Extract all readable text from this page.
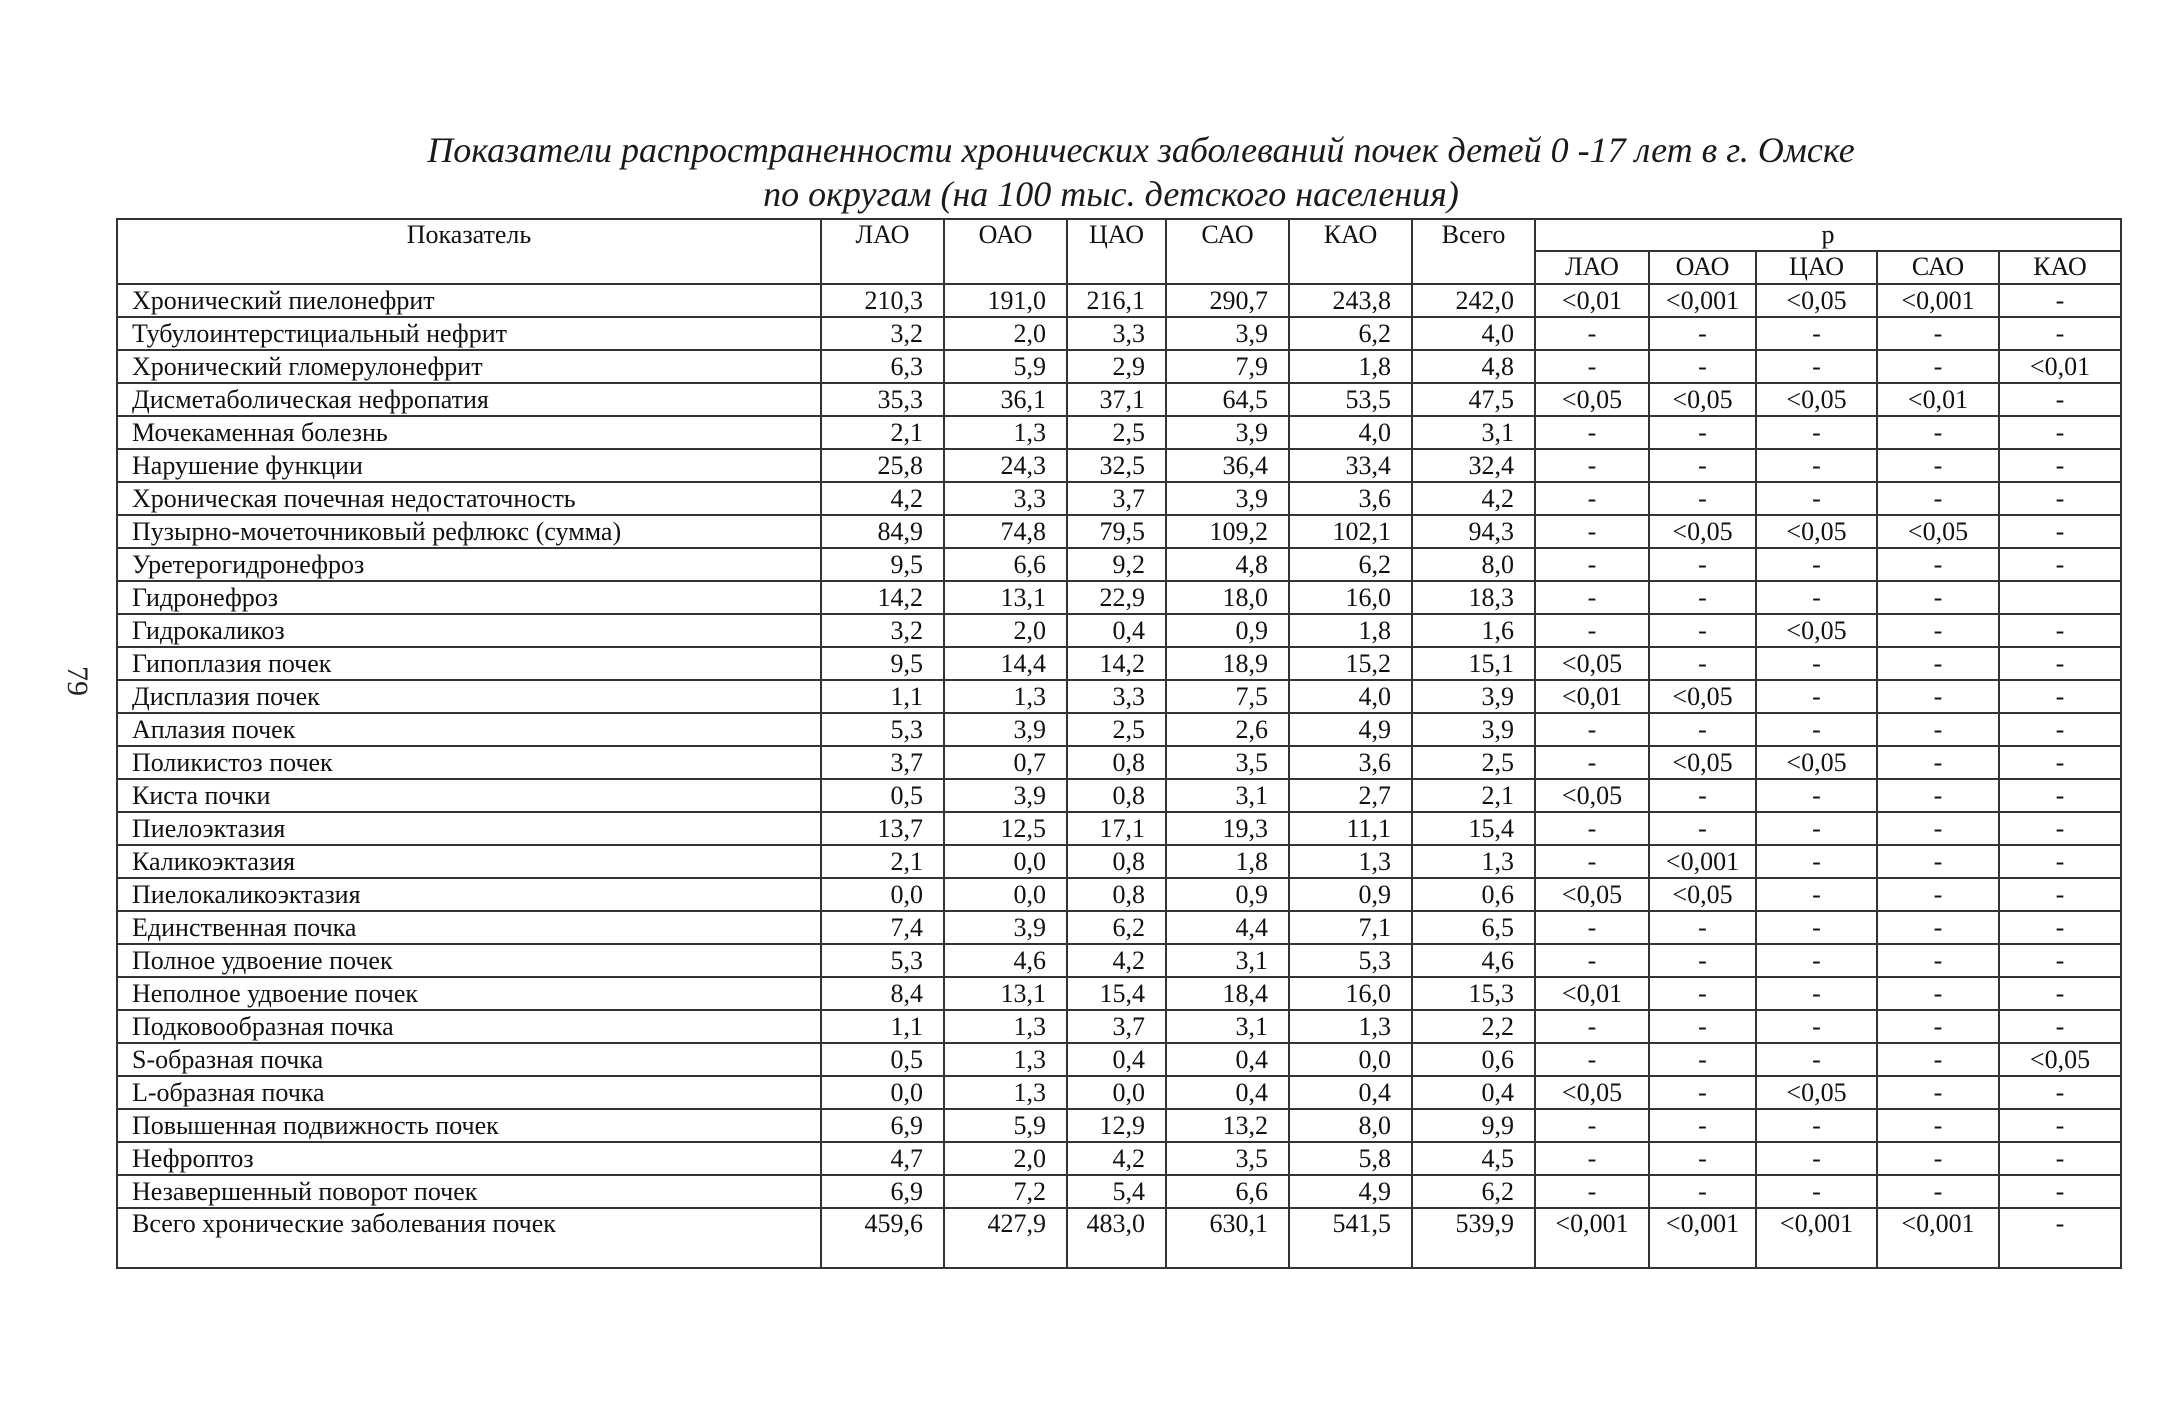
Показатели распространенности хронических заболеваний почек детей 0 -17 лет в г. Омске
по округам (на 100 тыс. детского населения)
79
Показатель	ЛАО	ОАО	ЦАО	САО	КАО	Всего	p				
							ЛАО	ОАО	ЦАО	САО	КАО
Хронический пиелонефрит	210,3	191,0	216,1	290,7	243,8	242,0	<0,01	<0,001	<0,05	<0,001	-
Тубулоинтерстициальный нефрит	3,2	2,0	3,3	3,9	6,2	4,0	-	-	-	-	-
Хронический гломерулонефрит	6,3	5,9	2,9	7,9	1,8	4,8	-	-	-	-	<0,01
Дисметаболическая нефропатия	35,3	36,1	37,1	64,5	53,5	47,5	<0,05	<0,05	<0,05	<0,01	-
Мочекаменная болезнь	2,1	1,3	2,5	3,9	4,0	3,1	-	-	-	-	-
Нарушение функции	25,8	24,3	32,5	36,4	33,4	32,4	-	-	-	-	-
Хроническая почечная недостаточность	4,2	3,3	3,7	3,9	3,6	4,2	-	-	-	-	-
Пузырно-мочеточниковый рефлюкс (сумма)	84,9	74,8	79,5	109,2	102,1	94,3	-	<0,05	<0,05	<0,05	-
Уретерогидронефроз	9,5	6,6	9,2	4,8	6,2	8,0	-	-	-	-	-
Гидронефроз	14,2	13,1	22,9	18,0	16,0	18,3	-	-	-	-	
Гидрокаликоз	3,2	2,0	0,4	0,9	1,8	1,6	-	-	<0,05	-	-
Гипоплазия почек	9,5	14,4	14,2	18,9	15,2	15,1	<0,05	-	-	-	-
Дисплазия почек	1,1	1,3	3,3	7,5	4,0	3,9	<0,01	<0,05	-	-	-
Аплазия почек	5,3	3,9	2,5	2,6	4,9	3,9	-	-	-	-	-
Поликистоз почек	3,7	0,7	0,8	3,5	3,6	2,5	-	<0,05	<0,05	-	-
Киста почки	0,5	3,9	0,8	3,1	2,7	2,1	<0,05	-	-	-	-
Пиелоэктазия	13,7	12,5	17,1	19,3	11,1	15,4	-	-	-	-	-
Каликоэктазия	2,1	0,0	0,8	1,8	1,3	1,3	-	<0,001	-	-	-
Пиелокаликоэктазия	0,0	0,0	0,8	0,9	0,9	0,6	<0,05	<0,05	-	-	-
Единственная почка	7,4	3,9	6,2	4,4	7,1	6,5	-	-	-	-	-
Полное удвоение почек	5,3	4,6	4,2	3,1	5,3	4,6	-	-	-	-	-
Неполное удвоение почек	8,4	13,1	15,4	18,4	16,0	15,3	<0,01	-	-	-	-
Подковообразная почка	1,1	1,3	3,7	3,1	1,3	2,2	-	-	-	-	-
S-образная почка	0,5	1,3	0,4	0,4	0,0	0,6	-	-	-	-	<0,05
L-образная почка	0,0	1,3	0,0	0,4	0,4	0,4	<0,05	-	<0,05	-	-
Повышенная подвижность почек	6,9	5,9	12,9	13,2	8,0	9,9	-	-	-	-	-
Нефроптоз	4,7	2,0	4,2	3,5	5,8	4,5	-	-	-	-	-
Незавершенный поворот почек	6,9	7,2	5,4	6,6	4,9	6,2	-	-	-	-	-
Всего хронические заболевания почек	459,6	427,9	483,0	630,1	541,5	539,9	<0,001	<0,001	<0,001	<0,001	-
